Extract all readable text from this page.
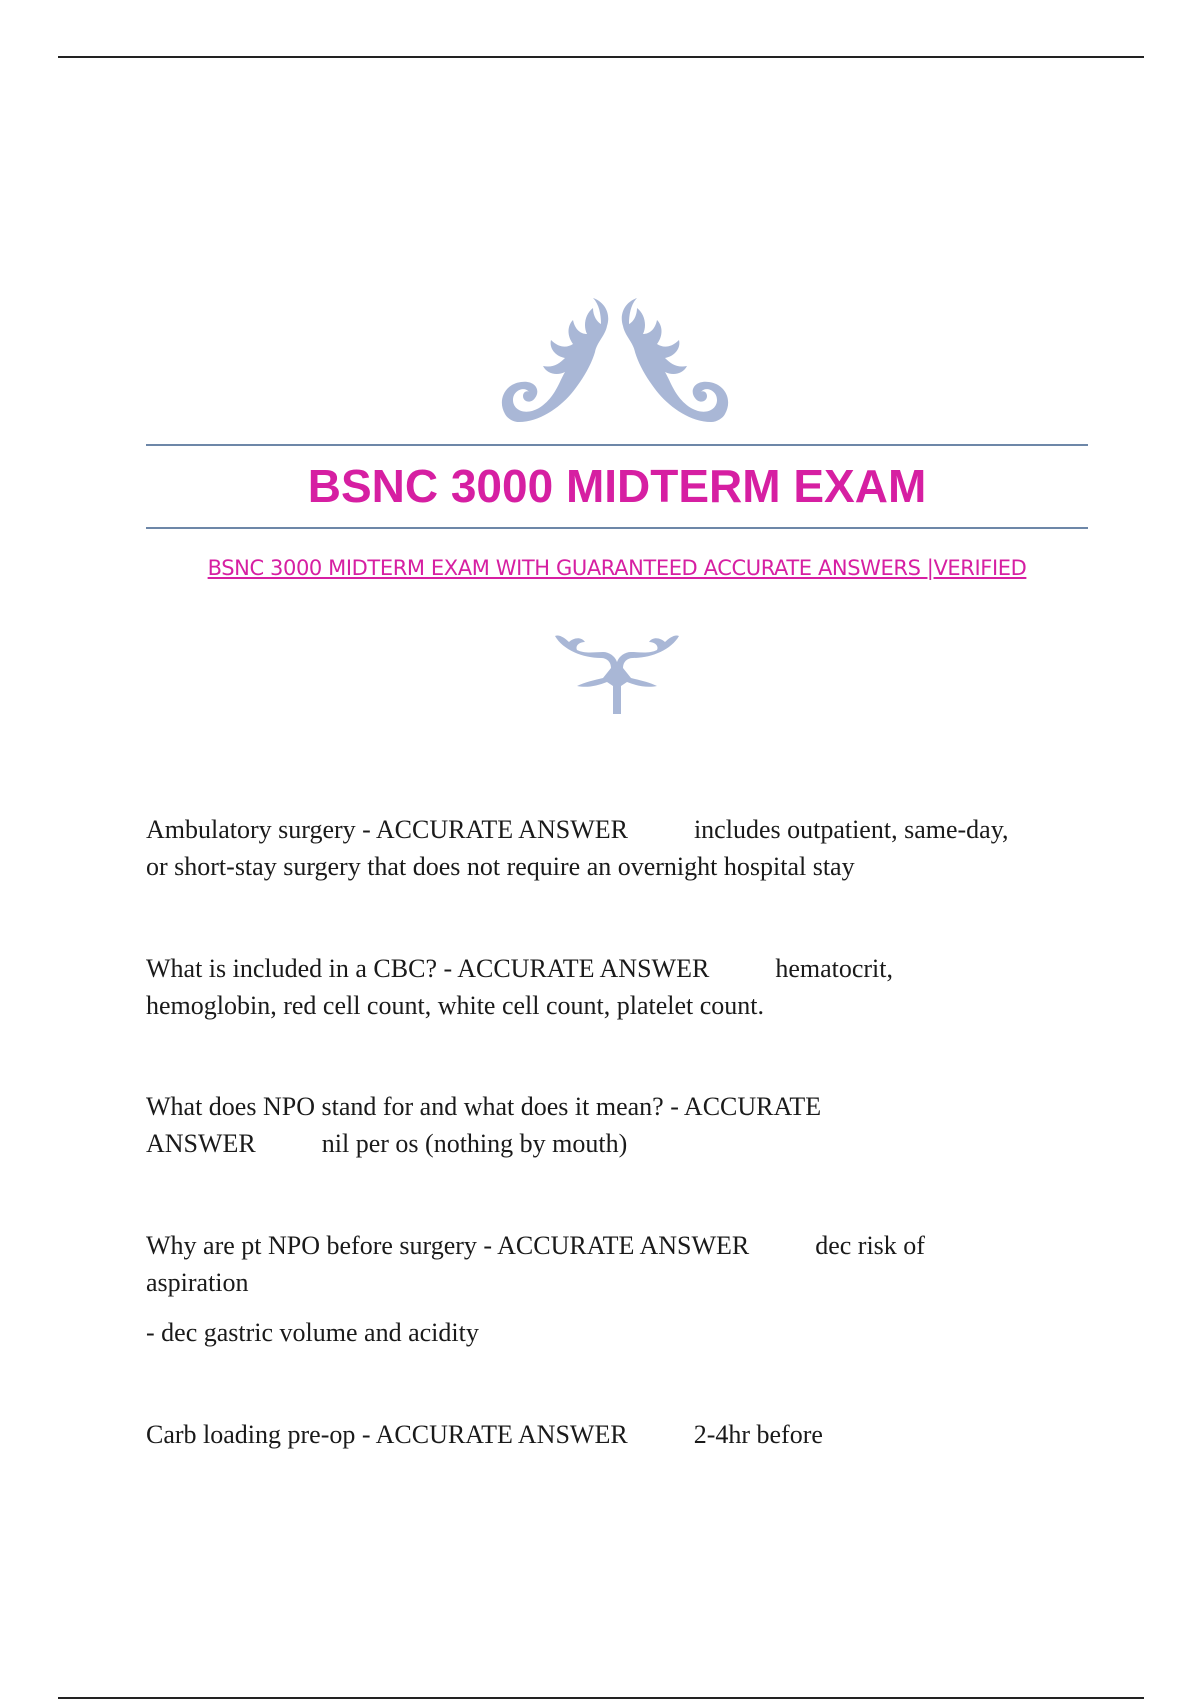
BSNC 3000 MIDTERM EXAM
BSNC 3000 MIDTERM EXAM WITH GUARANTEED ACCURATE ANSWERS |VERIFIED

Ambulatory surgery - ACCURATE ANSWER	includes outpatient, same-day,
or short-stay surgery that does not require an overnight hospital stay

What is included in a CBC? - ACCURATE ANSWER	hematocrit,
hemoglobin, red cell count, white cell count, platelet count.

What does NPO stand for and what does it mean? - ACCURATE
ANSWER	nil per os (nothing by mouth)

Why are pt NPO before surgery - ACCURATE ANSWER	dec risk of
aspiration
- dec gastric volume and acidity

Carb loading pre-op - ACCURATE ANSWER	2-4hr before
